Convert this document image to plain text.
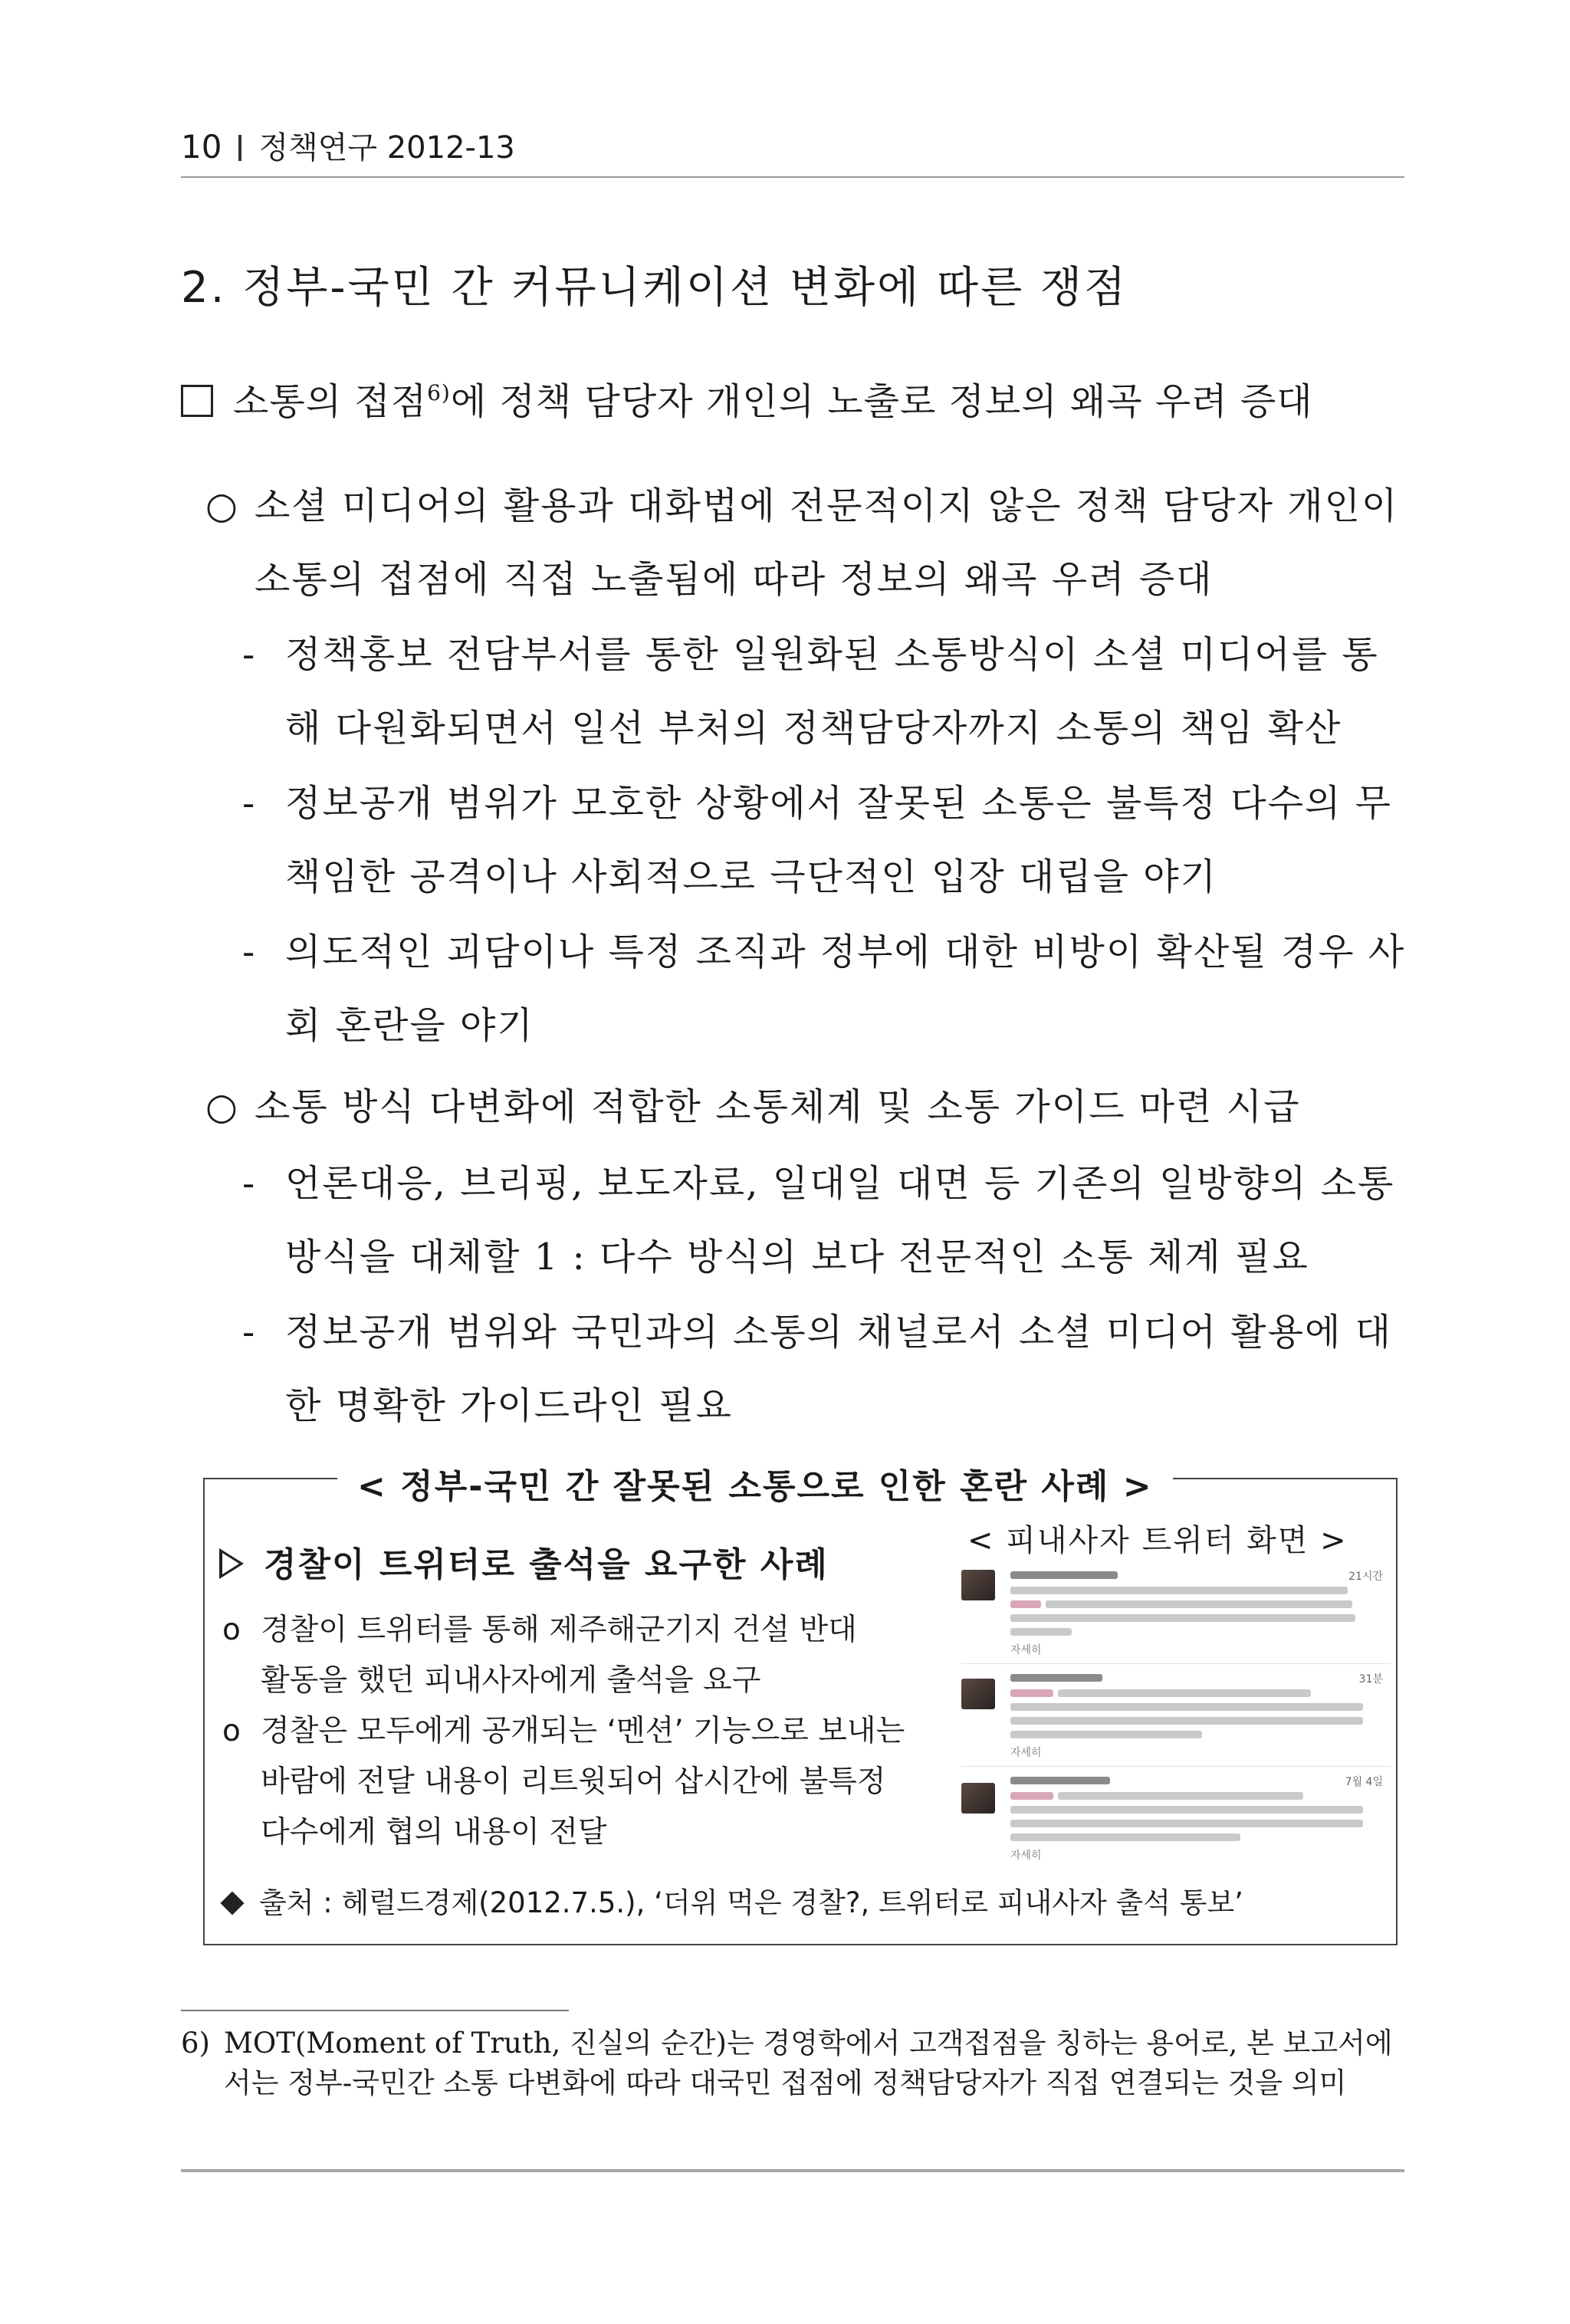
10 정책연구 2012-13
2. 정부-국민 간 커뮤니케이션 변화에 따른 쟁점
소통의 접점$^{6)}$에 정책 담당자 개인의 노출로 정보의 왜곡 우려 증대
○ 소셜 미디어의 활용과 대화법에 전문적이지 않은 정책 담당자 개인이 소통의 접점에 직접 노출됨에 따라 정보의 왜곡 우려 증대
- 정책홍보 전담부서를 통한 일원화된 소통방식이 소셜 미디어를 통해 다원화되면서 일선 부처의 정책담당자까지 소통의 책임 확산
- 정보공개 범위가 모호한 상황에서 잘못된 소통은 불특정 다수의 무책임한 공격이나 사회적으로 극단적인 입장 대립을 야기
- 의도적인 괴담이나 특정 조직과 정부에 대한 비방이 확산될 경우 사회 혼란을 야기
○ 소통 방식 다변화에 적합한 소통체계 및 소통 가이드 마련 시급
- 언론대응, 브리핑, 보도자료, 일대일 대면 등 기존의 일방향의 소통방식을 대체할 1 : 다수 방식의 보다 전문적인 소통 체계 필요
- 정보공개 범위와 국민과의 소통의 채널로서 소셜 미디어 활용에 대한 명확한 가이드라인 필요
< 정부-국민 간 잘못된 소통으로 인한 혼란 사례 >
경찰이 트위터로 출석을 요구한 사례
o 경찰이 트위터를 통해 제주해군기지 건설 반대
활동을 했던 피내사자에게 출석을 요구
o 경찰은 모두에게 공개되는 ‘멘션’ 기능으로 보내는
바람에 전달 내용이 리트윗되어 삽시간에 불특정
다수에게 협의 내용이 전달
출처 : 헤럴드경제(2012.7.5.), ‘더위 먹은 경찰?, 트위터로 피내사자 출석 통보’
< 피내사자 트위터 화면 >
21시간
자세히
31분
자세히
7월 4일
자세히
6) MOT(Moment of Truth, 진실의 순간)는 경영학에서 고객접점을 칭하는 용어로, 본 보고서에서는 정부-국민간 소통 다변화에 따라 대국민 접점에 정책담당자가 직접 연결되는 것을 의미
